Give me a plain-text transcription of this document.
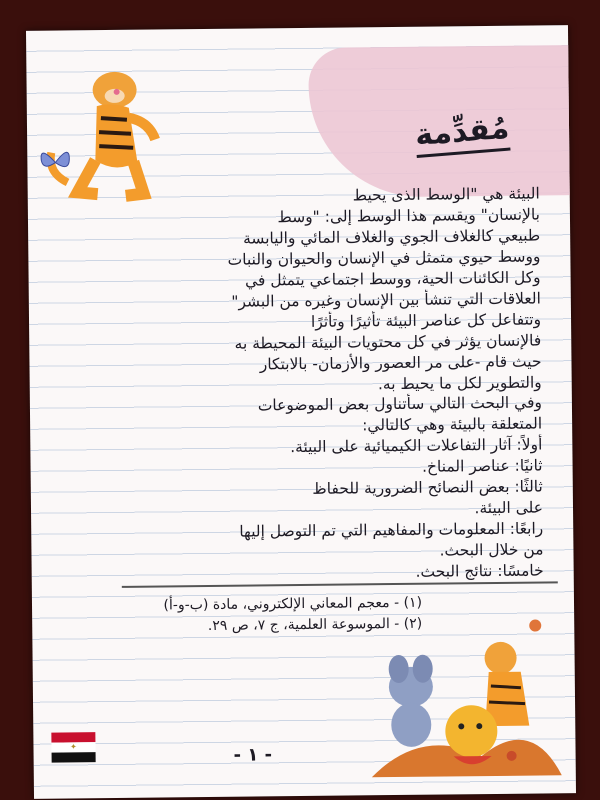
مُقدِّمة
البيئة هي "الوسط الذى يحيط
بالإنسان" ويقسم هذا الوسط إلى: "وسط
طبيعي كالغلاف الجوي والغلاف المائي واليابسة
ووسط حيوي متمثل في الإنسان والحيوان والنبات
وكل الكائنات الحية، ووسط اجتماعي يتمثل في
العلاقات التي تنشأ بين الإنسان وغيره من البشر"
وتتفاعل كل عناصر البيئة تأثيرًا وتأثرًا
فالإنسان يؤثر في كل محتويات البيئة المحيطة به
حيث قام -على مر العصور والأزمان- بالابتكار
والتطوير لكل ما يحيط به.
وفي البحث التالي سأتناول بعض الموضوعات
المتعلقة بالبيئة وهي كالتالي:
أولاً: آثار التفاعلات الكيميائية على البيئة.
ثانيًا: عناصر المناخ.
ثالثًا: بعض النصائح الضرورية للحفاظ
على البيئة.
رابعًا: المعلومات والمفاهيم التي تم التوصل إليها
من خلال البحث.
خامسًا: نتائج البحث.
(١) - معجم المعاني الإلكتروني، مادة (ب-و-أ)
(٢) - الموسوعة العلمية، ج ٧، ص ٢٩.
✦	- ١ -
